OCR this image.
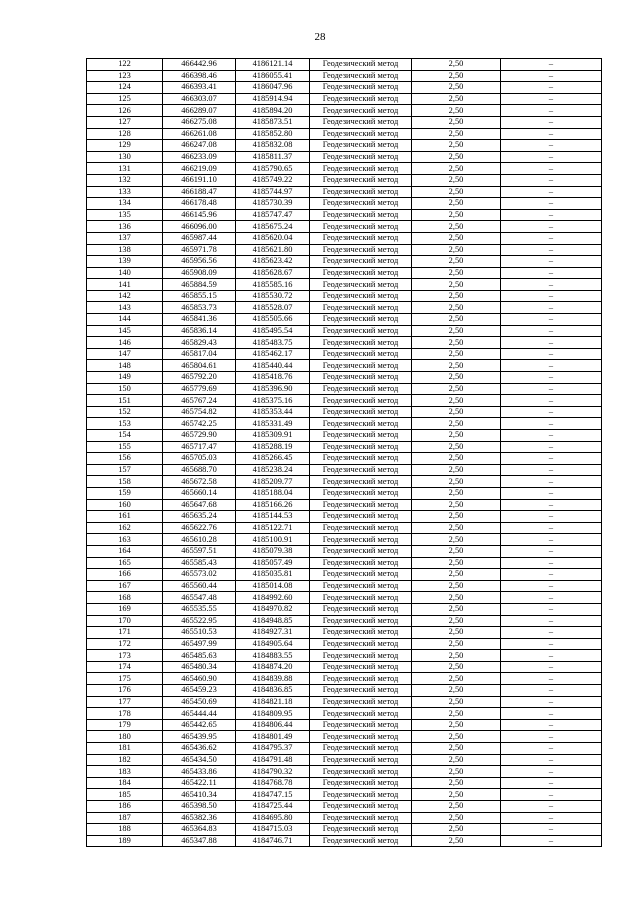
28
122	466442.96	4186121.14	Геодезический метод	2,50	–
123	466398.46	4186055.41	Геодезический метод	2,50	–
124	466393.41	4186047.96	Геодезический метод	2,50	–
125	466303.07	4185914.94	Геодезический метод	2,50	–
126	466289.07	4185894.20	Геодезический метод	2,50	–
127	466275.08	4185873.51	Геодезический метод	2,50	–
128	466261.08	4185852.80	Геодезический метод	2,50	–
129	466247.08	4185832.08	Геодезический метод	2,50	–
130	466233.09	4185811.37	Геодезический метод	2,50	–
131	466219.09	4185790.65	Геодезический метод	2,50	–
132	466191.10	4185749.22	Геодезический метод	2,50	–
133	466188.47	4185744.97	Геодезический метод	2,50	–
134	466178.48	4185730.39	Геодезический метод	2,50	–
135	466145.96	4185747.47	Геодезический метод	2,50	–
136	466096.00	4185675.24	Геодезический метод	2,50	–
137	465987.44	4185620.04	Геодезический метод	2,50	–
138	465971.78	4185621.80	Геодезический метод	2,50	–
139	465956.56	4185623.42	Геодезический метод	2,50	–
140	465908.09	4185628.67	Геодезический метод	2,50	–
141	465884.59	4185585.16	Геодезический метод	2,50	–
142	465855.15	4185530.72	Геодезический метод	2,50	–
143	465853.73	4185528.07	Геодезический метод	2,50	–
144	465841.36	4185505.66	Геодезический метод	2,50	–
145	465836.14	4185495.54	Геодезический метод	2,50	–
146	465829.43	4185483.75	Геодезический метод	2,50	–
147	465817.04	4185462.17	Геодезический метод	2,50	–
148	465804.61	4185440.44	Геодезический метод	2,50	–
149	465792.20	4185418.76	Геодезический метод	2,50	–
150	465779.69	4185396.90	Геодезический метод	2,50	–
151	465767.24	4185375.16	Геодезический метод	2,50	–
152	465754.82	4185353.44	Геодезический метод	2,50	–
153	465742.25	4185331.49	Геодезический метод	2,50	–
154	465729.90	4185309.91	Геодезический метод	2,50	–
155	465717.47	4185288.19	Геодезический метод	2,50	–
156	465705.03	4185266.45	Геодезический метод	2,50	–
157	465688.70	4185238.24	Геодезический метод	2,50	–
158	465672.58	4185209.77	Геодезический метод	2,50	–
159	465660.14	4185188.04	Геодезический метод	2,50	–
160	465647.68	4185166.26	Геодезический метод	2,50	–
161	465635.24	4185144.53	Геодезический метод	2,50	–
162	465622.76	4185122.71	Геодезический метод	2,50	–
163	465610.28	4185100.91	Геодезический метод	2,50	–
164	465597.51	4185079.38	Геодезический метод	2,50	–
165	465585.43	4185057.49	Геодезический метод	2,50	–
166	465573.02	4185035.81	Геодезический метод	2,50	–
167	465560.44	4185014.08	Геодезический метод	2,50	–
168	465547.48	4184992.60	Геодезический метод	2,50	–
169	465535.55	4184970.82	Геодезический метод	2,50	–
170	465522.95	4184948.85	Геодезический метод	2,50	–
171	465510.53	4184927.31	Геодезический метод	2,50	–
172	465497.99	4184905.64	Геодезический метод	2,50	–
173	465485.63	4184883.55	Геодезический метод	2,50	–
174	465480.34	4184874.20	Геодезический метод	2,50	–
175	465460.90	4184839.88	Геодезический метод	2,50	–
176	465459.23	4184836.85	Геодезический метод	2,50	–
177	465450.69	4184821.18	Геодезический метод	2,50	–
178	465444.44	4184809.95	Геодезический метод	2,50	–
179	465442.65	4184806.44	Геодезический метод	2,50	–
180	465439.95	4184801.49	Геодезический метод	2,50	–
181	465436.62	4184795.37	Геодезический метод	2,50	–
182	465434.50	4184791.48	Геодезический метод	2,50	–
183	465433.86	4184790.32	Геодезический метод	2,50	–
184	465422.11	4184768.78	Геодезический метод	2,50	–
185	465410.34	4184747.15	Геодезический метод	2,50	–
186	465398.50	4184725.44	Геодезический метод	2,50	–
187	465382.36	4184695.80	Геодезический метод	2,50	–
188	465364.83	4184715.03	Геодезический метод	2,50	–
189	465347.88	4184746.71	Геодезический метод	2,50	–
